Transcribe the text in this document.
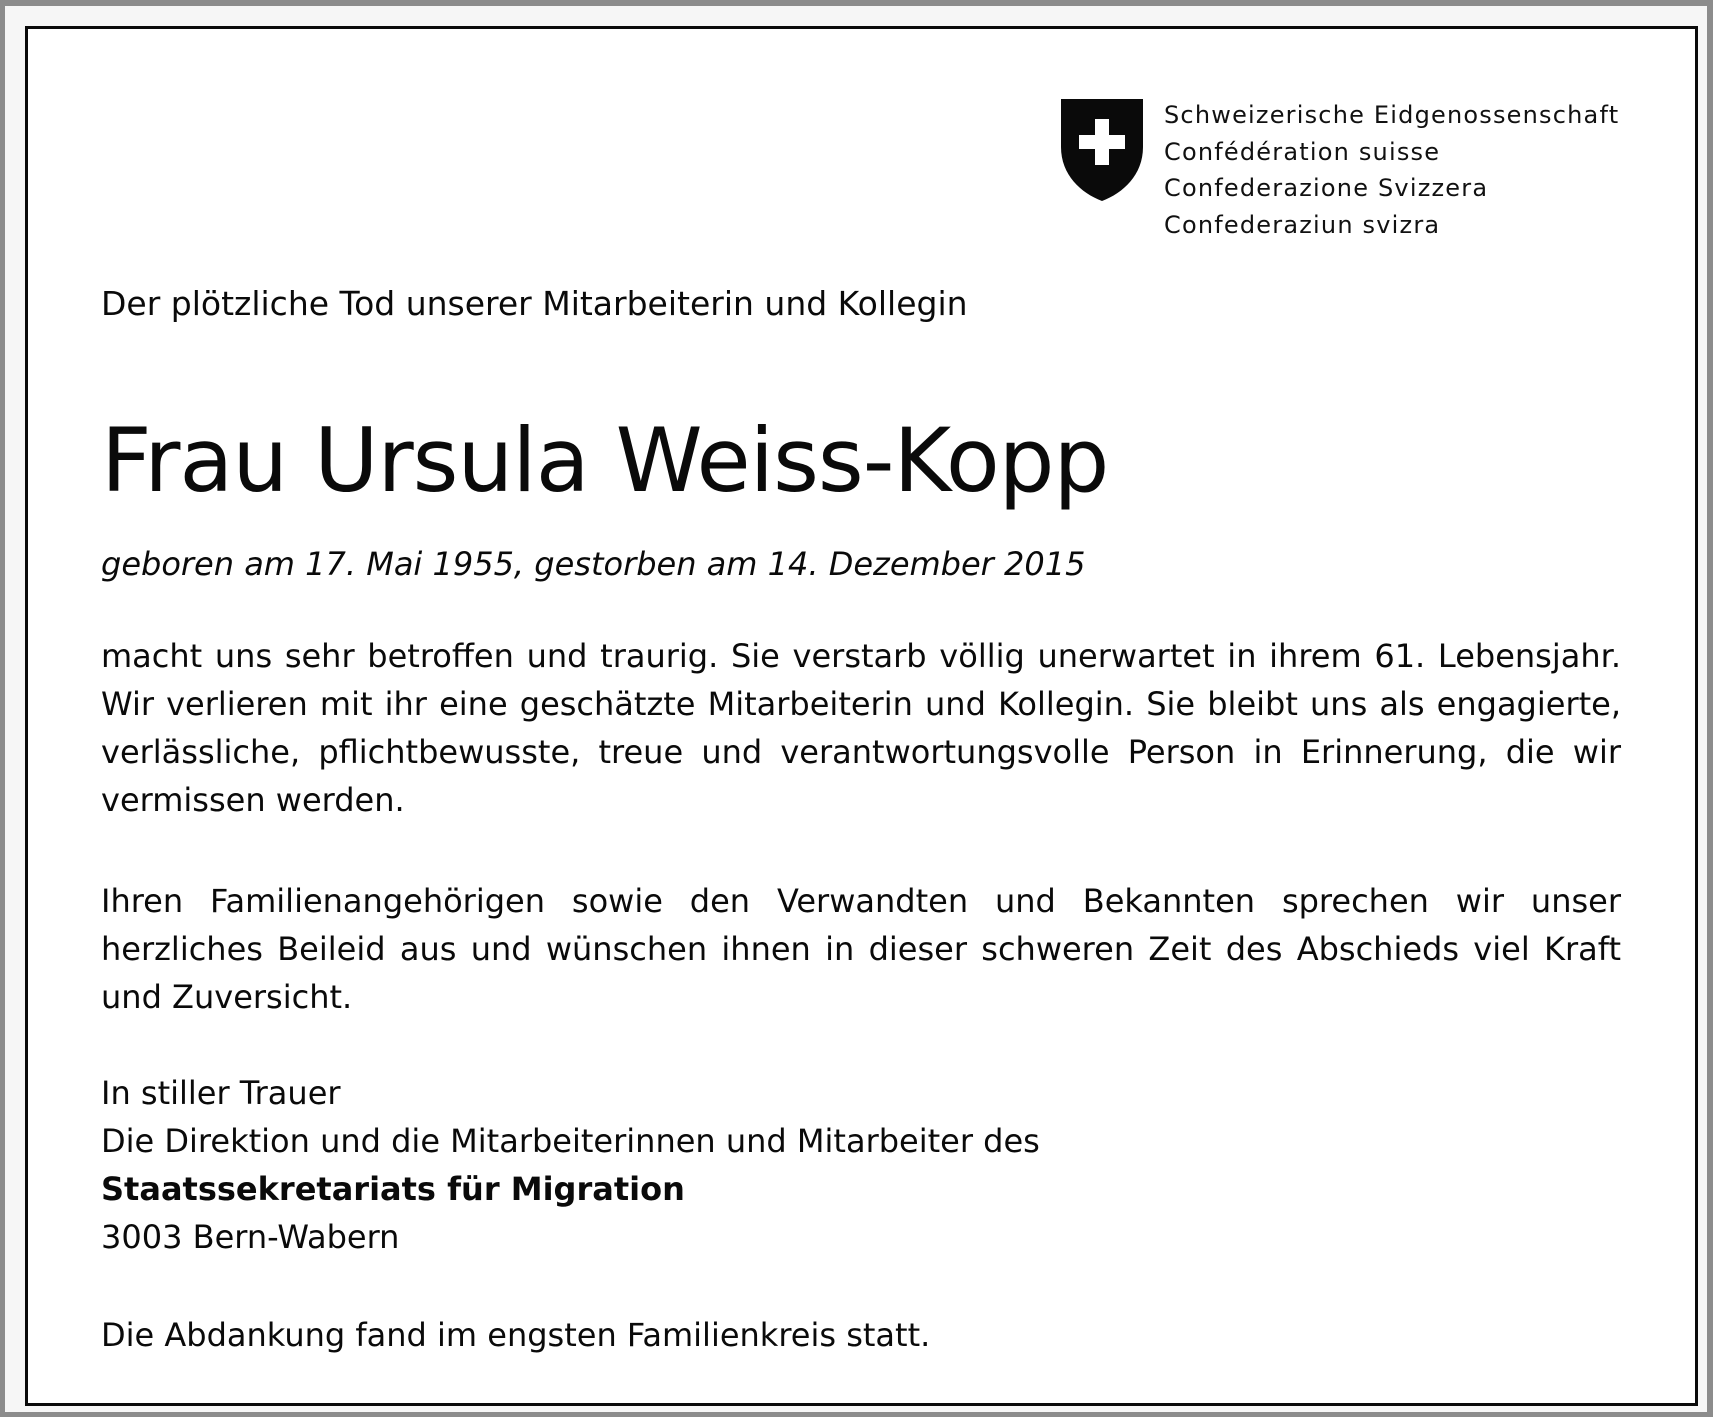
Schweizerische Eidgenossenschaft
Confédération suisse
Confederazione Svizzera
Confederaziun svizra
Der plötzliche Tod unserer Mitarbeiterin und Kollegin
Frau Ursula Weiss-Kopp
geboren am 17. Mai 1955, gestorben am 14. Dezember 2015
macht uns sehr betroffen und traurig. Sie verstarb völlig unerwartet in ihrem 61. Lebensjahr. Wir verlieren mit ihr eine geschätzte Mitarbeiterin und Kollegin. Sie bleibt uns als engagierte, verlässliche, pflichtbewusste, treue und verantwortungsvolle Person in Erinnerung, die wir vermissen werden.
Ihren Familienangehörigen sowie den Verwandten und Bekannten sprechen wir unser herzliches Beileid aus und wünschen ihnen in dieser schweren Zeit des Abschieds viel Kraft und Zuversicht.
In stiller Trauer
Die Direktion und die Mitarbeiterinnen und Mitarbeiter des
Staatssekretariats für Migration
3003 Bern-Wabern
Die Abdankung fand im engsten Familienkreis statt.
